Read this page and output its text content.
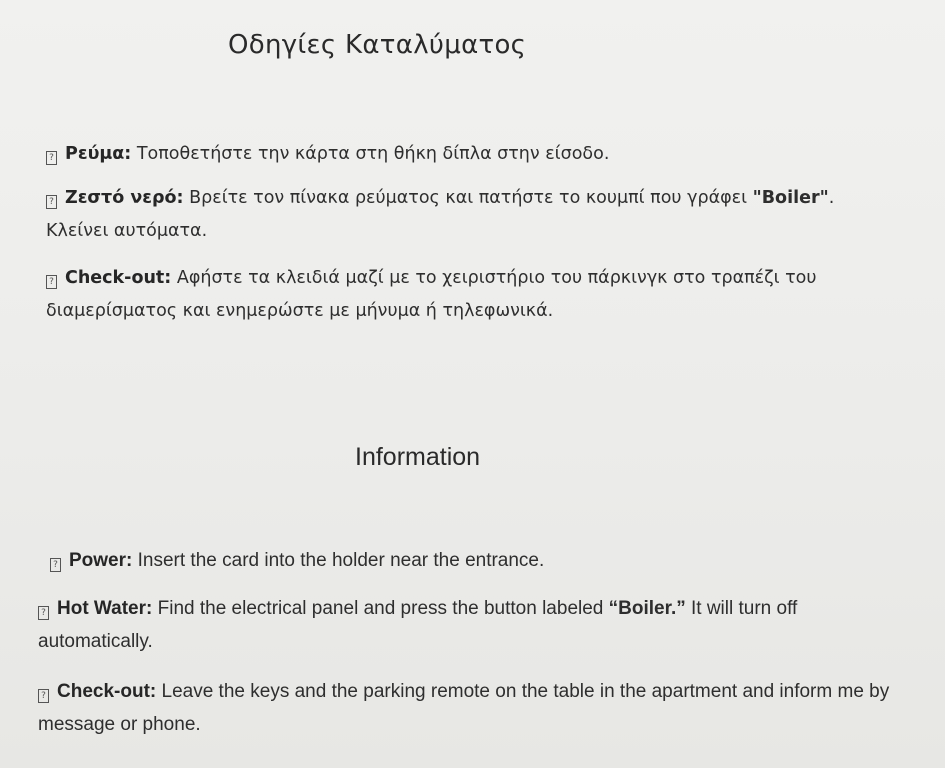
Οδηγίες Καταλύματος

? Ρεύμα: Τοποθετήστε την κάρτα στη θήκη δίπλα στην είσοδο.

? Ζεστό νερό: Βρείτε τον πίνακα ρεύματος και πατήστε το κουμπί που γράφει "Boiler". Κλείνει αυτόματα.

? Check-out: Αφήστε τα κλειδιά μαζί με το χειριστήριο του πάρκινγκ στο τραπέζι του διαμερίσματος και ενημερώστε με μήνυμα ή τηλεφωνικά.

Information

? Power: Insert the card into the holder near the entrance.

? Hot Water: Find the electrical panel and press the button labeled “Boiler.” It will turn off automatically.

? Check-out: Leave the keys and the parking remote on the table in the apartment and inform me by message or phone.
